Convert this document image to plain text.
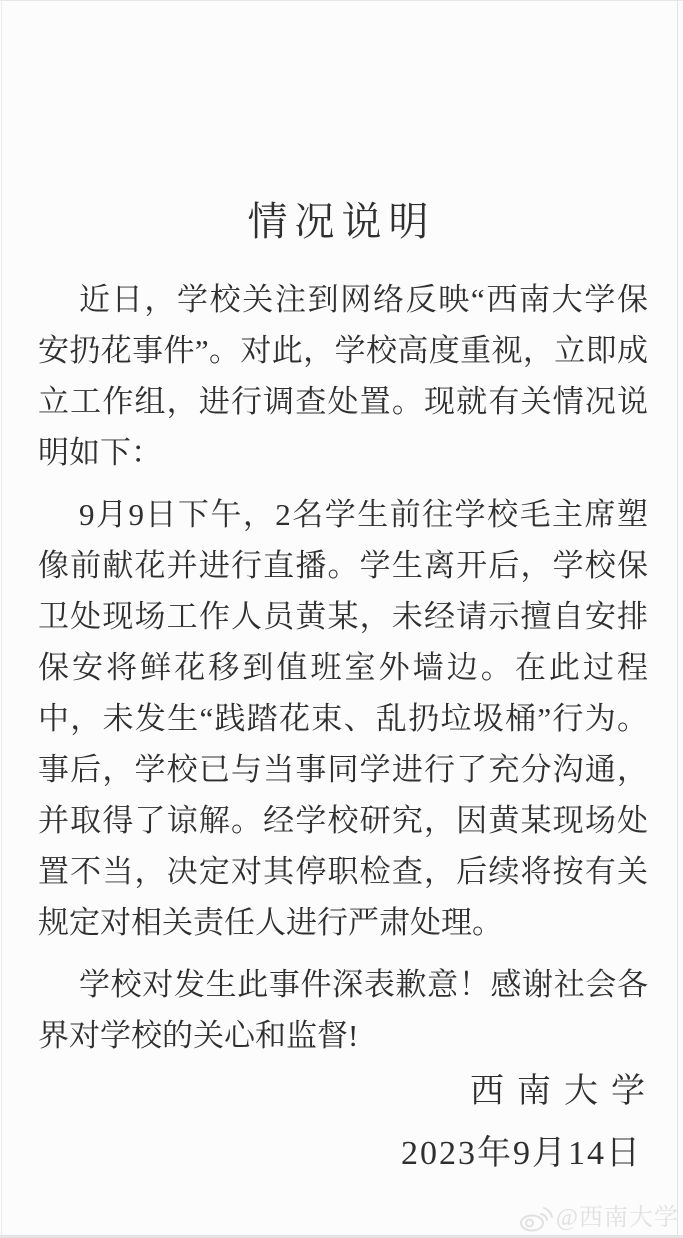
情况说明

近日，学校关注到网络反映“西南大学保安扔花事件”。对此，学校高度重视，立即成立工作组，进行调查处置。现就有关情况说明如下：

9月9日下午，2名学生前往学校毛主席塑像前献花并进行直播。学生离开后，学校保卫处现场工作人员黄某，未经请示擅自安排保安将鲜花移到值班室外墙边。在此过程中，未发生“践踏花束、乱扔垃圾桶”行为。事后，学校已与当事同学进行了充分沟通，并取得了谅解。经学校研究，因黄某现场处置不当，决定对其停职检查，后续将按有关规定对相关责任人进行严肃处理。

学校对发生此事件深表歉意！感谢社会各界对学校的关心和监督!

西南大学
2023年9月14日
@西南大学
